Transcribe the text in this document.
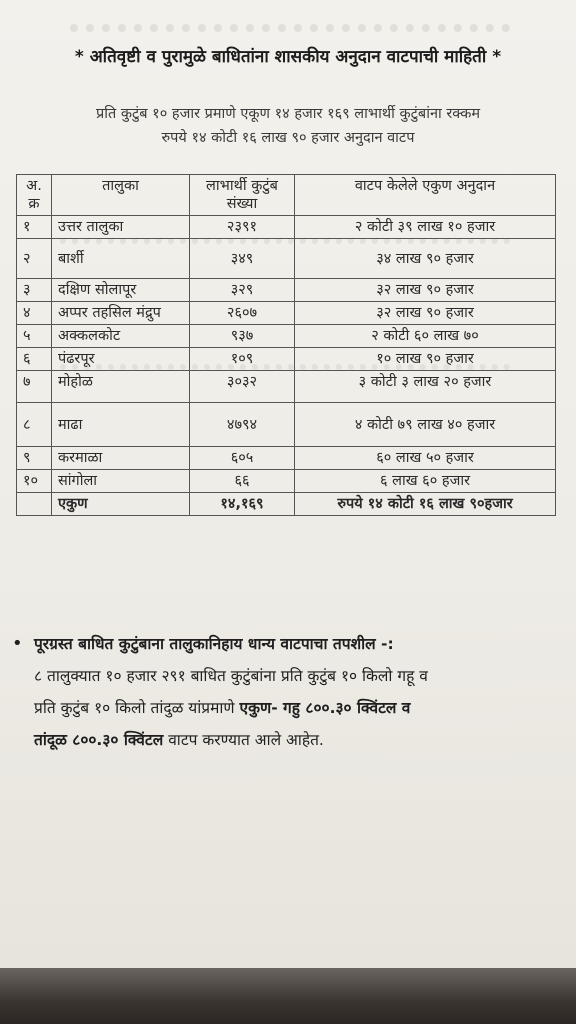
* अतिवृष्टी व पुरामुळे बाधितांना शासकीय अनुदान वाटपाची माहिती *
प्रति कुटुंब १० हजार प्रमाणे एकूण १४ हजार १६९ लाभार्थी कुटुंबांना रक्कम
रुपये १४ कोटी १६ लाख ९० हजार अनुदान वाटप
अ. क्र	तालुका	लाभार्थी कुटुंब संख्या	वाटप केलेले एकुण अनुदान
१	उत्तर तालुका	२३९१	२ कोटी ३९ लाख १० हजार
२	बार्शी	३४९	३४ लाख ९० हजार
३	दक्षिण सोलापूर	३२९	३२ लाख ९० हजार
४	अप्पर तहसिल मंद्रुप	२६०७	३२ लाख ९० हजार
५	अक्कलकोट	९३७	२ कोटी ६० लाख ७०
६	पंढरपूर	१०९	१० लाख ९० हजार
७	मोहोळ	३०३२	३ कोटी ३ लाख २० हजार
८	माढा	४७९४	४ कोटी ७९ लाख ४० हजार
९	करमाळा	६०५	६० लाख ५० हजार
१०	सांगोला	६६	६ लाख ६० हजार
	एकुण	१४,१६९	रुपये १४ कोटी १६ लाख ९०हजार
• पूरग्रस्त बाधित कुटुंबाना तालुकानिहाय धान्य वाटपाचा तपशील -:
८ तालुक्यात १० हजार २९१ बाधित कुटुंबांना प्रति कुटुंब १० किलो गहू व
प्रति कुटुंब १० किलो तांदुळ यांप्रमाणे एकुण- गहु ८००.३० क्विंटल व
तांदूळ ८००.३० क्विंटल वाटप करण्यात आले आहेत.
